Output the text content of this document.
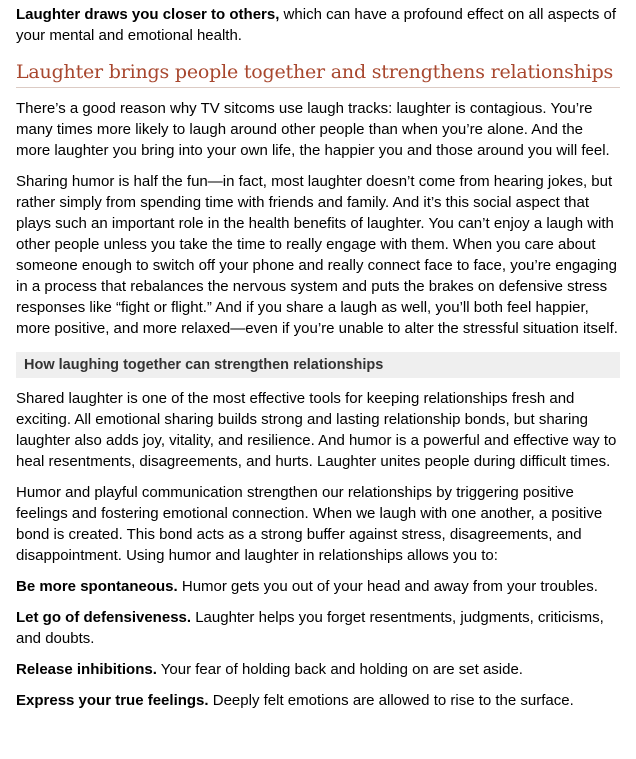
Laughter draws you closer to others, which can have a profound effect on all aspects of your mental and emotional health.

Laughter brings people together and strengthens relationships

There’s a good reason why TV sitcoms use laugh tracks: laughter is contagious. You’re many times more likely to laugh around other people than when you’re alone. And the more laughter you bring into your own life, the happier you and those around you will feel.

Sharing humor is half the fun—in fact, most laughter doesn’t come from hearing jokes, but rather simply from spending time with friends and family. And it’s this social aspect that plays such an important role in the health benefits of laughter. You can’t enjoy a laugh with other people unless you take the time to really engage with them. When you care about someone enough to switch off your phone and really connect face to face, you’re engaging in a process that rebalances the nervous system and puts the brakes on defensive stress responses like “fight or flight.” And if you share a laugh as well, you’ll both feel happier, more positive, and more relaxed—even if you’re unable to alter the stressful situation itself.

How laughing together can strengthen relationships

Shared laughter is one of the most effective tools for keeping relationships fresh and exciting. All emotional sharing builds strong and lasting relationship bonds, but sharing laughter also adds joy, vitality, and resilience. And humor is a powerful and effective way to heal resentments, disagreements, and hurts. Laughter unites people during difficult times.

Humor and playful communication strengthen our relationships by triggering positive feelings and fostering emotional connection. When we laugh with one another, a positive bond is created. This bond acts as a strong buffer against stress, disagreements, and disappointment. Using humor and laughter in relationships allows you to:

Be more spontaneous. Humor gets you out of your head and away from your troubles.

Let go of defensiveness. Laughter helps you forget resentments, judgments, criticisms, and doubts.

Release inhibitions. Your fear of holding back and holding on are set aside.

Express your true feelings. Deeply felt emotions are allowed to rise to the surface.
